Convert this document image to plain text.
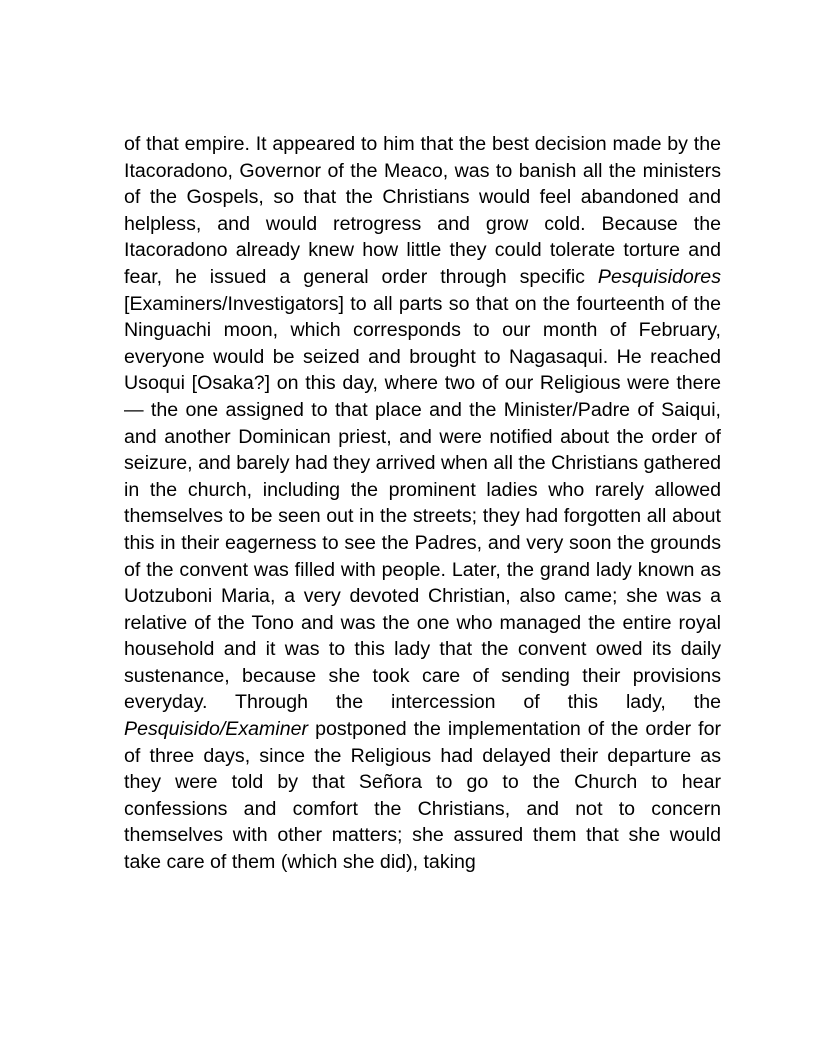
of that empire. It appeared to him that the best decision made by the Itacoradono, Governor of the Meaco, was to banish all the ministers of the Gospels, so that the Christians would feel abandoned and helpless, and would retrogress and grow cold. Because the Itacoradono already knew how little they could tolerate torture and fear, he issued a general order through specific Pesquisidores [Examiners/Investigators] to all parts so that on the fourteenth of the Ninguachi moon, which corresponds to our month of February, everyone would be seized and brought to Nagasaqui. He reached Usoqui [Osaka?] on this day, where two of our Religious were there — the one assigned to that place and the Minister/Padre of Saiqui, and another Dominican priest, and were notified about the order of seizure, and barely had they arrived when all the Christians gathered in the church, including the prominent ladies who rarely allowed themselves to be seen out in the streets; they had forgotten all about this in their eagerness to see the Padres, and very soon the grounds of the convent was filled with people. Later, the grand lady known as Uotzuboni Maria, a very devoted Christian, also came; she was a relative of the Tono and was the one who managed the entire royal household and it was to this lady that the convent owed its daily sustenance, because she took care of sending their provisions everyday. Through the intercession of this lady, the Pesquisido/Examiner postponed the implementation of the order for of three days, since the Religious had delayed their departure as they were told by that Señora to go to the Church to hear confessions and comfort the Christians, and not to concern themselves with other matters; she assured them that she would take care of them (which she did), taking
